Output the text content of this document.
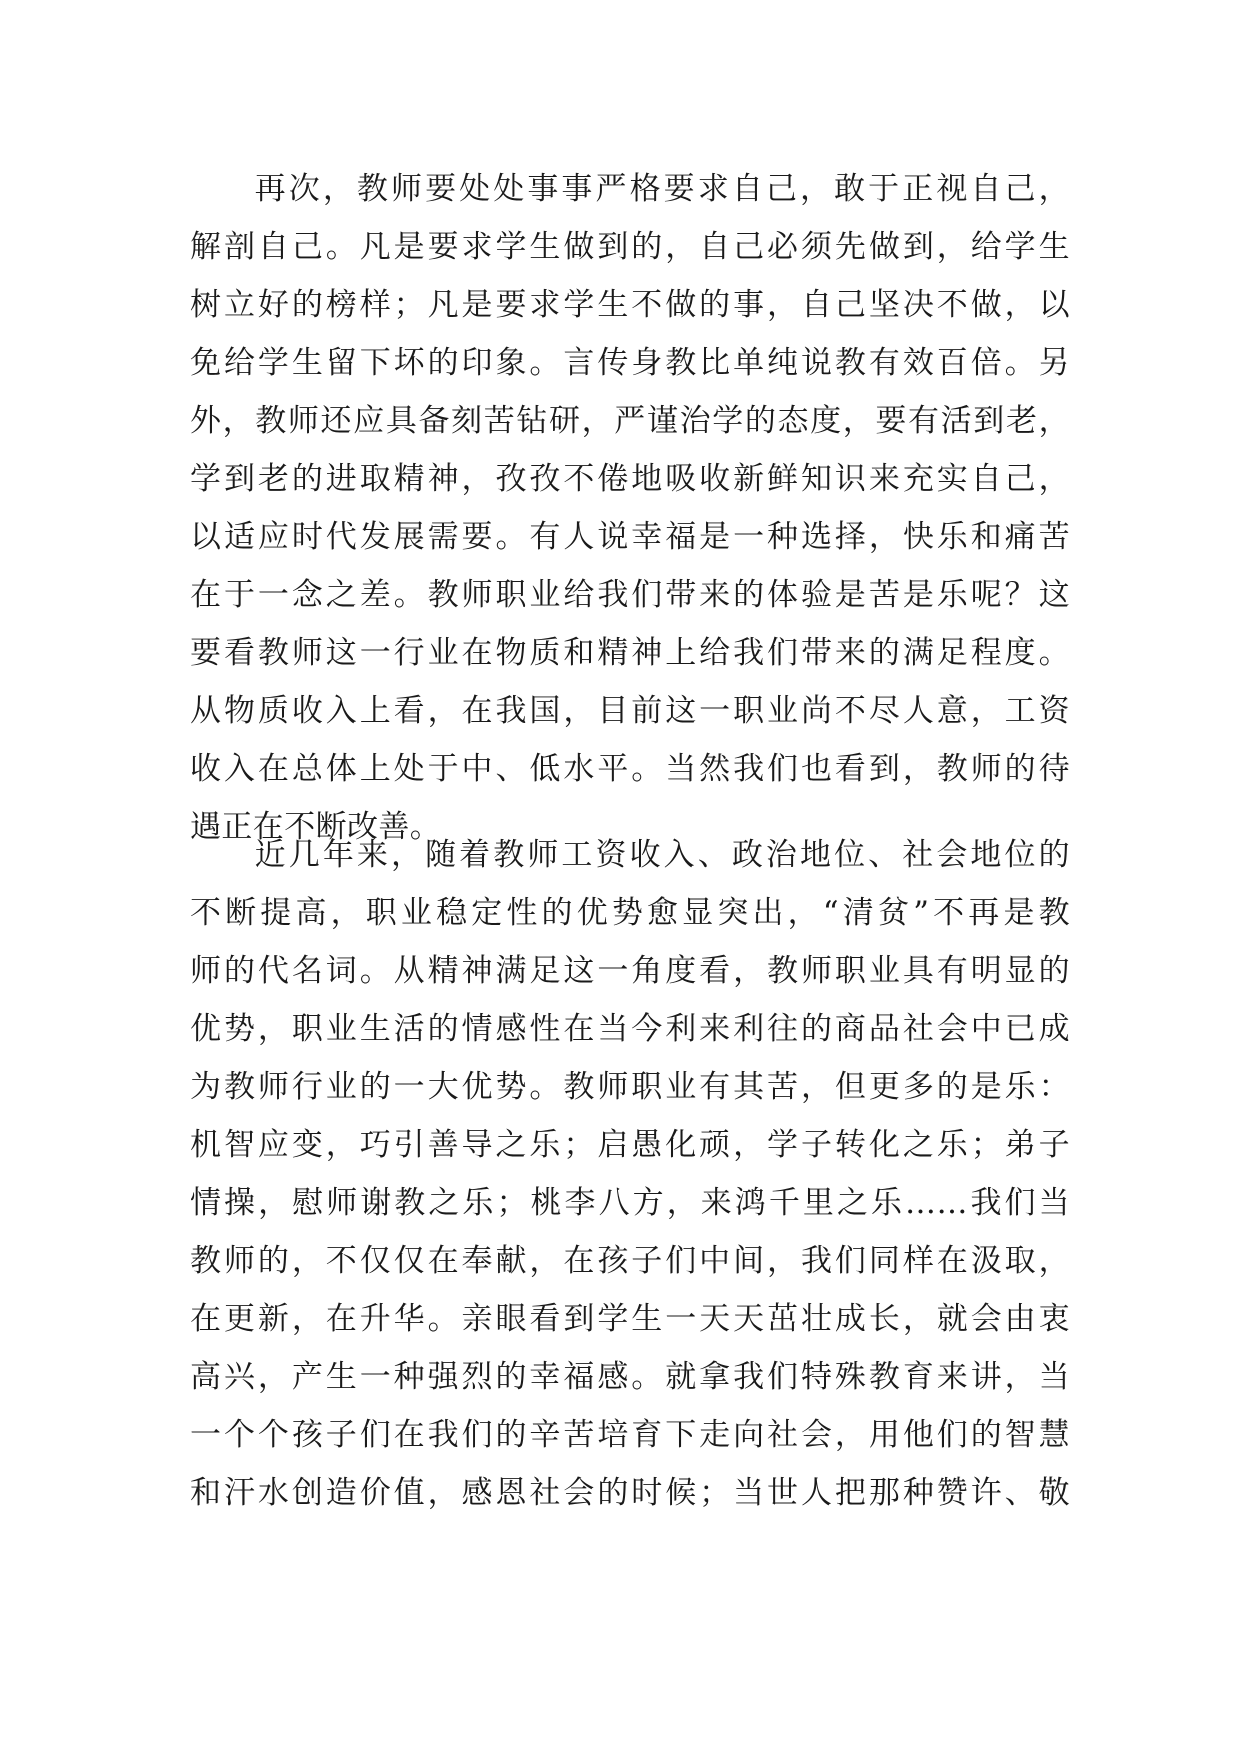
再次，教师要处处事事严格要求自己，敢于正视自己，
解剖自己。凡是要求学生做到的，自己必须先做到，给学生
树立好的榜样；凡是要求学生不做的事，自己坚决不做，以
免给学生留下坏的印象。言传身教比单纯说教有效百倍。另
外，教师还应具备刻苦钻研，严谨治学的态度，要有活到老，
学到老的进取精神，孜孜不倦地吸收新鲜知识来充实自己，
以适应时代发展需要。有人说幸福是一种选择，快乐和痛苦
在于一念之差。教师职业给我们带来的体验是苦是乐呢？这
要看教师这一行业在物质和精神上给我们带来的满足程度。
从物质收入上看，在我国，目前这一职业尚不尽人意，工资
收入在总体上处于中、低水平。当然我们也看到，教师的待
遇正在不断改善。
近几年来，随着教师工资收入、政治地位、社会地位的
不断提高，职业稳定性的优势愈显突出，“清贫”不再是教
师的代名词。从精神满足这一角度看，教师职业具有明显的
优势，职业生活的情感性在当今利来利往的商品社会中已成
为教师行业的一大优势。教师职业有其苦，但更多的是乐：
机智应变，巧引善导之乐；启愚化顽，学子转化之乐；弟子
情操，慰师谢教之乐；桃李八方，来鸿千里之乐……我们当
教师的，不仅仅在奉献，在孩子们中间，我们同样在汲取，
在更新，在升华。亲眼看到学生一天天茁壮成长，就会由衷
高兴，产生一种强烈的幸福感。就拿我们特殊教育来讲，当
一个个孩子们在我们的辛苦培育下走向社会，用他们的智慧
和汗水创造价值，感恩社会的时候；当世人把那种赞许、敬
